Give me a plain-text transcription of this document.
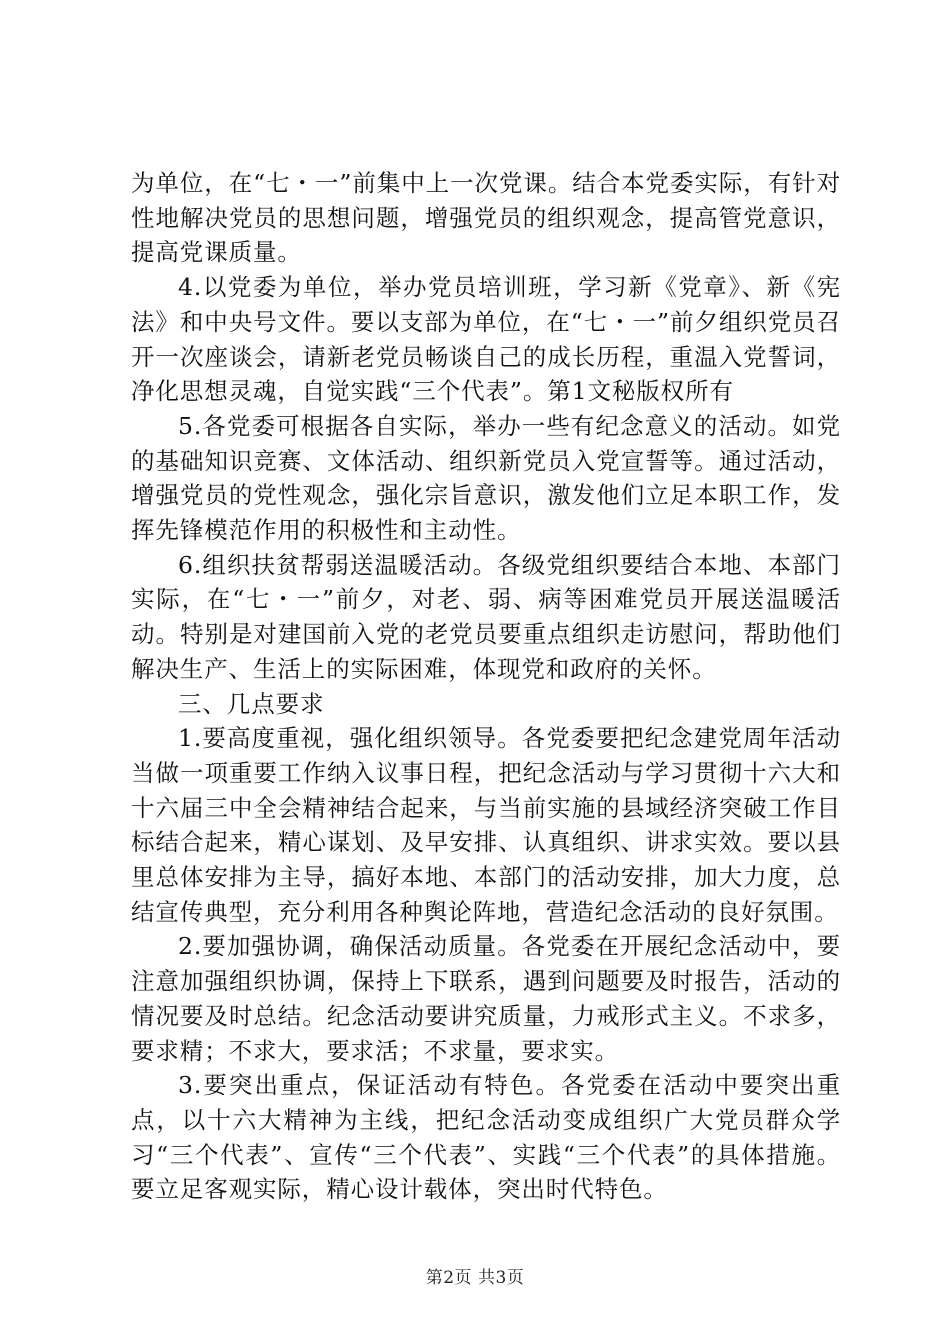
为单位，在“七・一”前集中上一次党课。结合本党委实际，有针对性地解决党员的思想问题，增强党员的组织观念，提高管党意识，提高党课质量。

4.以党委为单位，举办党员培训班，学习新《党章》、新《宪法》和中央号文件。要以支部为单位，在“七・一”前夕组织党员召开一次座谈会，请新老党员畅谈自己的成长历程，重温入党誓词，净化思想灵魂，自觉实践“三个代表”。第1文秘版权所有

5.各党委可根据各自实际，举办一些有纪念意义的活动。如党的基础知识竞赛、文体活动、组织新党员入党宣誓等。通过活动，增强党员的党性观念，强化宗旨意识，激发他们立足本职工作，发挥先锋模范作用的积极性和主动性。

6.组织扶贫帮弱送温暖活动。各级党组织要结合本地、本部门实际，在“七・一”前夕，对老、弱、病等困难党员开展送温暖活动。特别是对建国前入党的老党员要重点组织走访慰问，帮助他们解决生产、生活上的实际困难，体现党和政府的关怀。

三、几点要求

1.要高度重视，强化组织领导。各党委要把纪念建党周年活动当做一项重要工作纳入议事日程，把纪念活动与学习贯彻十六大和十六届三中全会精神结合起来，与当前实施的县域经济突破工作目标结合起来，精心谋划、及早安排、认真组织、讲求实效。要以县里总体安排为主导，搞好本地、本部门的活动安排，加大力度，总结宣传典型，充分利用各种舆论阵地，营造纪念活动的良好氛围。

2.要加强协调，确保活动质量。各党委在开展纪念活动中，要注意加强组织协调，保持上下联系，遇到问题要及时报告，活动的情况要及时总结。纪念活动要讲究质量，力戒形式主义。不求多，要求精；不求大，要求活；不求量，要求实。

3.要突出重点，保证活动有特色。各党委在活动中要突出重点，以十六大精神为主线，把纪念活动变成组织广大党员群众学习“三个代表”、宣传“三个代表”、实践“三个代表”的具体措施。要立足客观实际，精心设计载体，突出时代特色。

第2页 共3页
